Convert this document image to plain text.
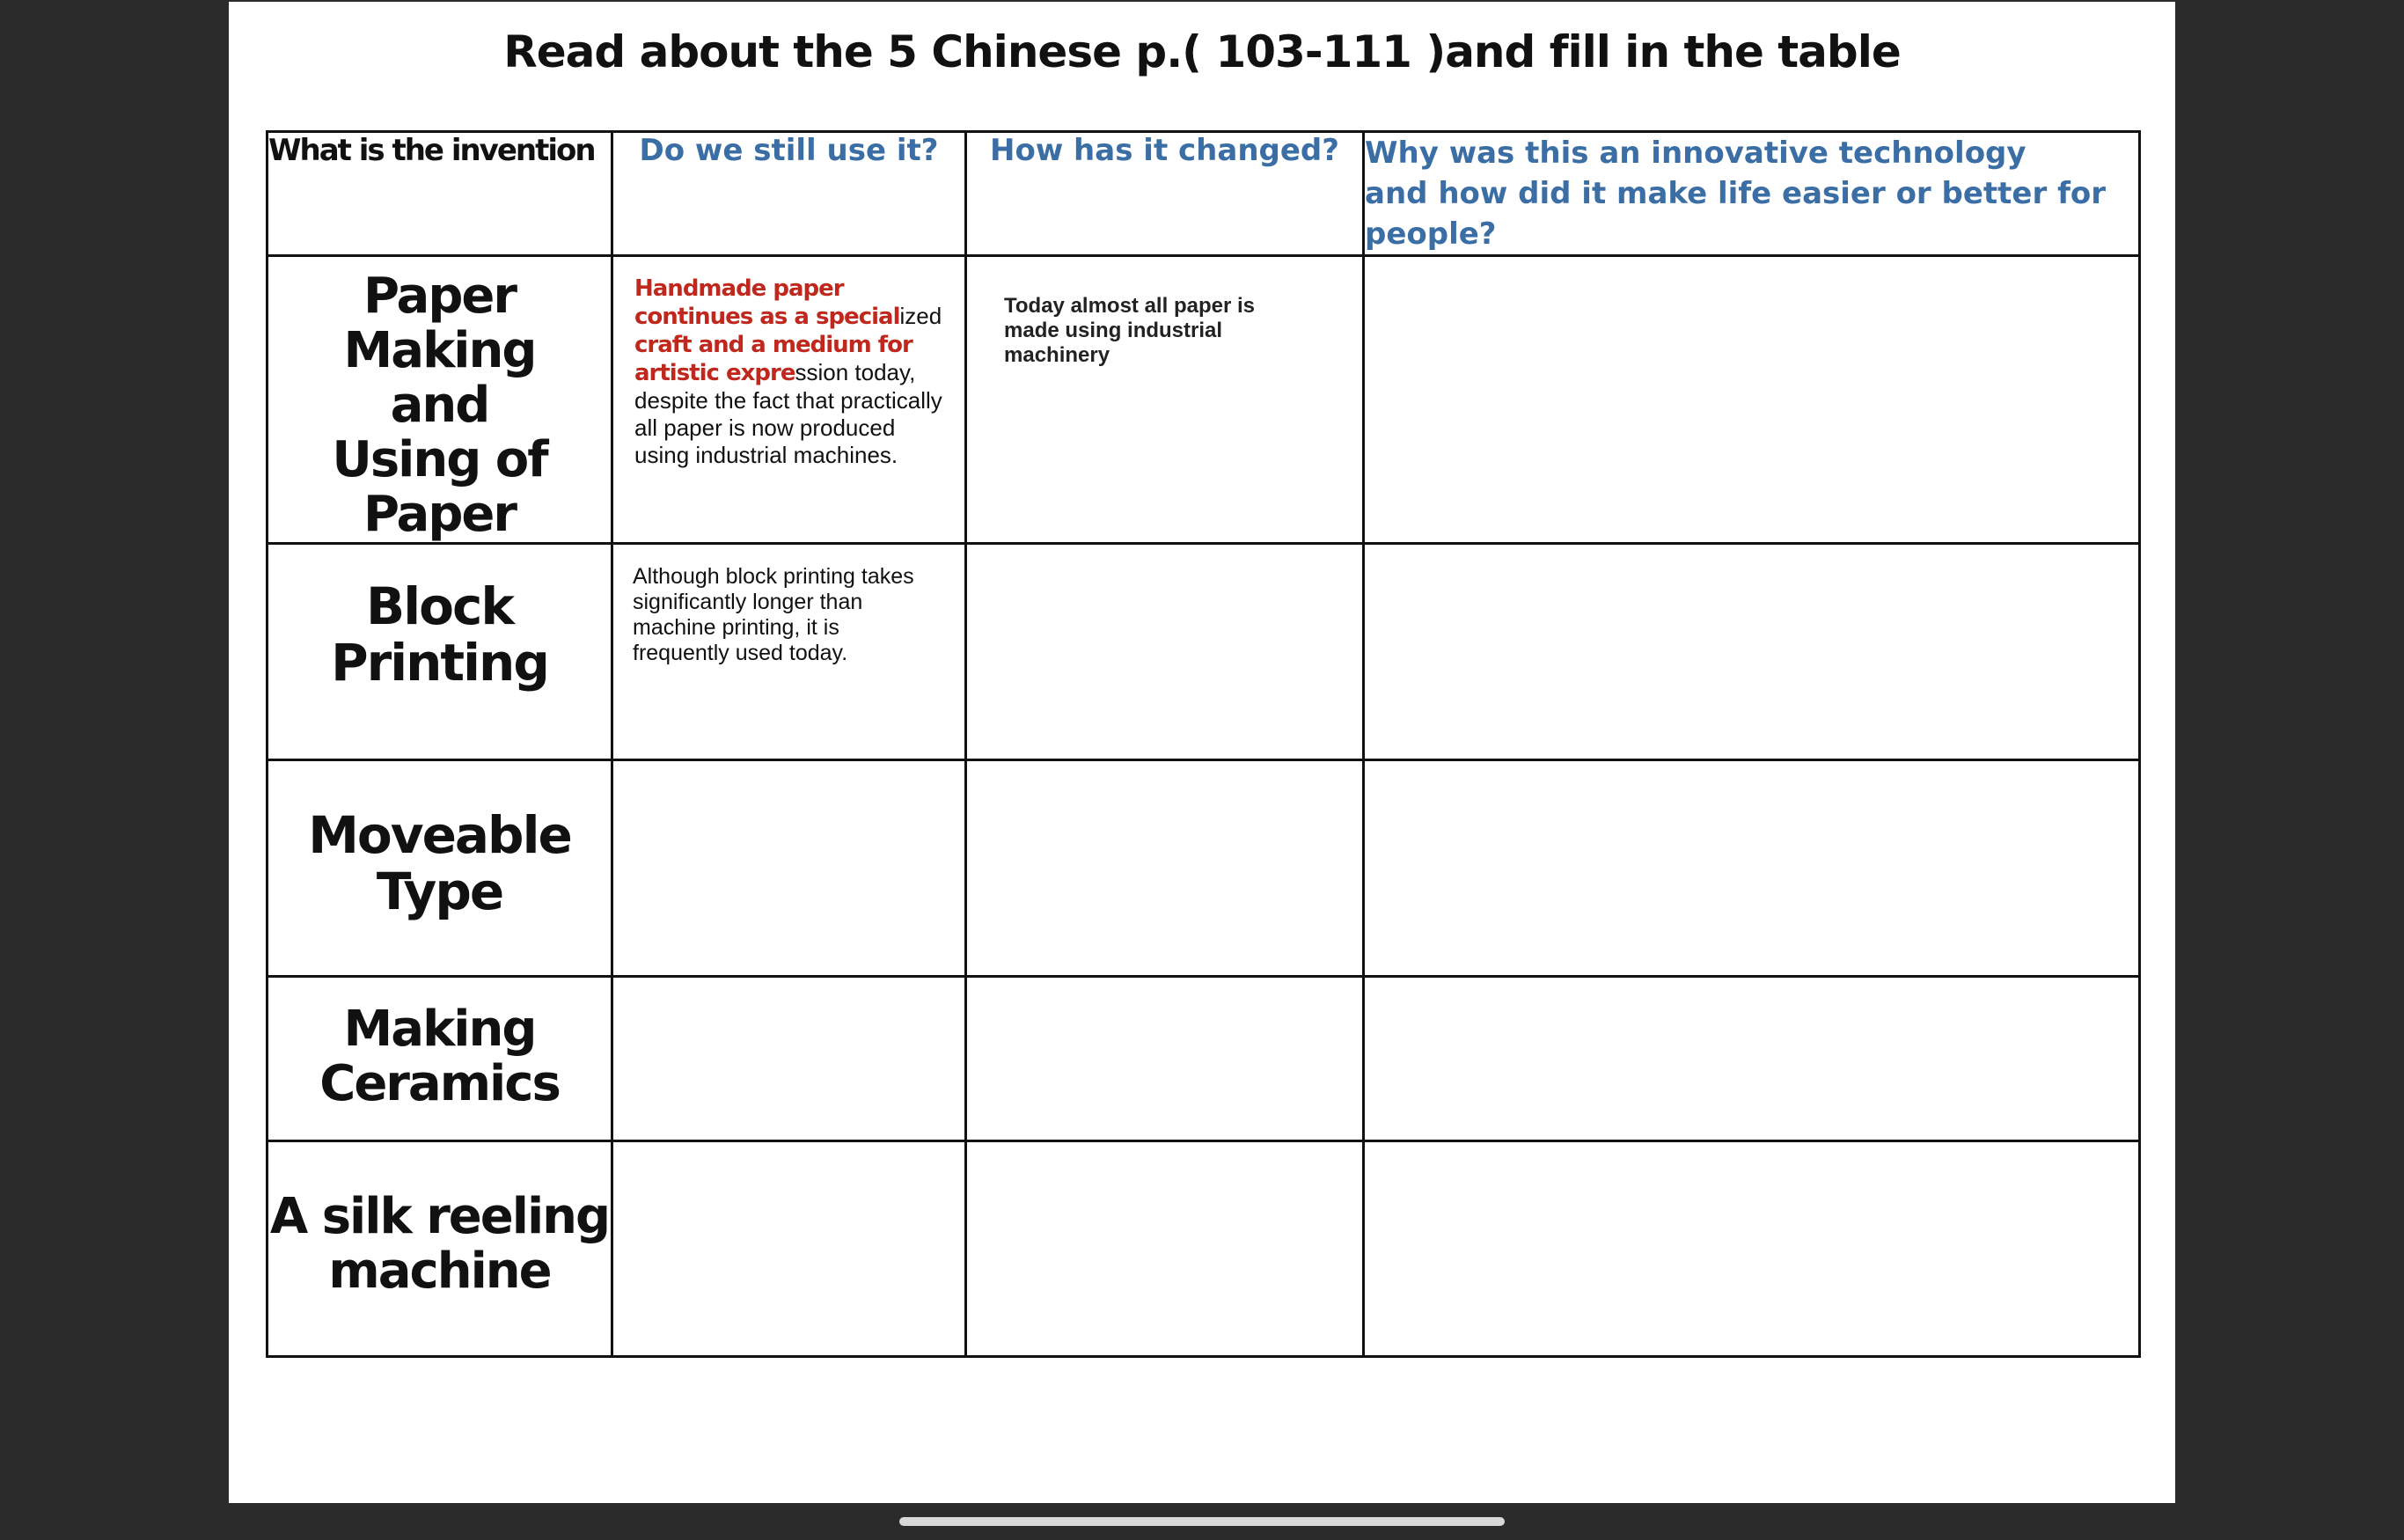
Read about the 5 Chinese p.( 103-111 )and fill in the table
What is the invention	Do we still use it?	How has it changed?	Why was this an innovative technology
and how did it make life easier or better for people?

Paper Making
and
Using of Paper	Handmade paper continues as a specialized craft and a medium for artistic expression today, despite the fact that practically all paper is now produced using industrial machines.	Today almost all paper is made using industrial machinery	

Block
Printing	Although block printing takes significantly longer than machine printing, it is frequently used today.		

Moveable
Type			

Making
Ceramics			

A silk reeling
machine			
